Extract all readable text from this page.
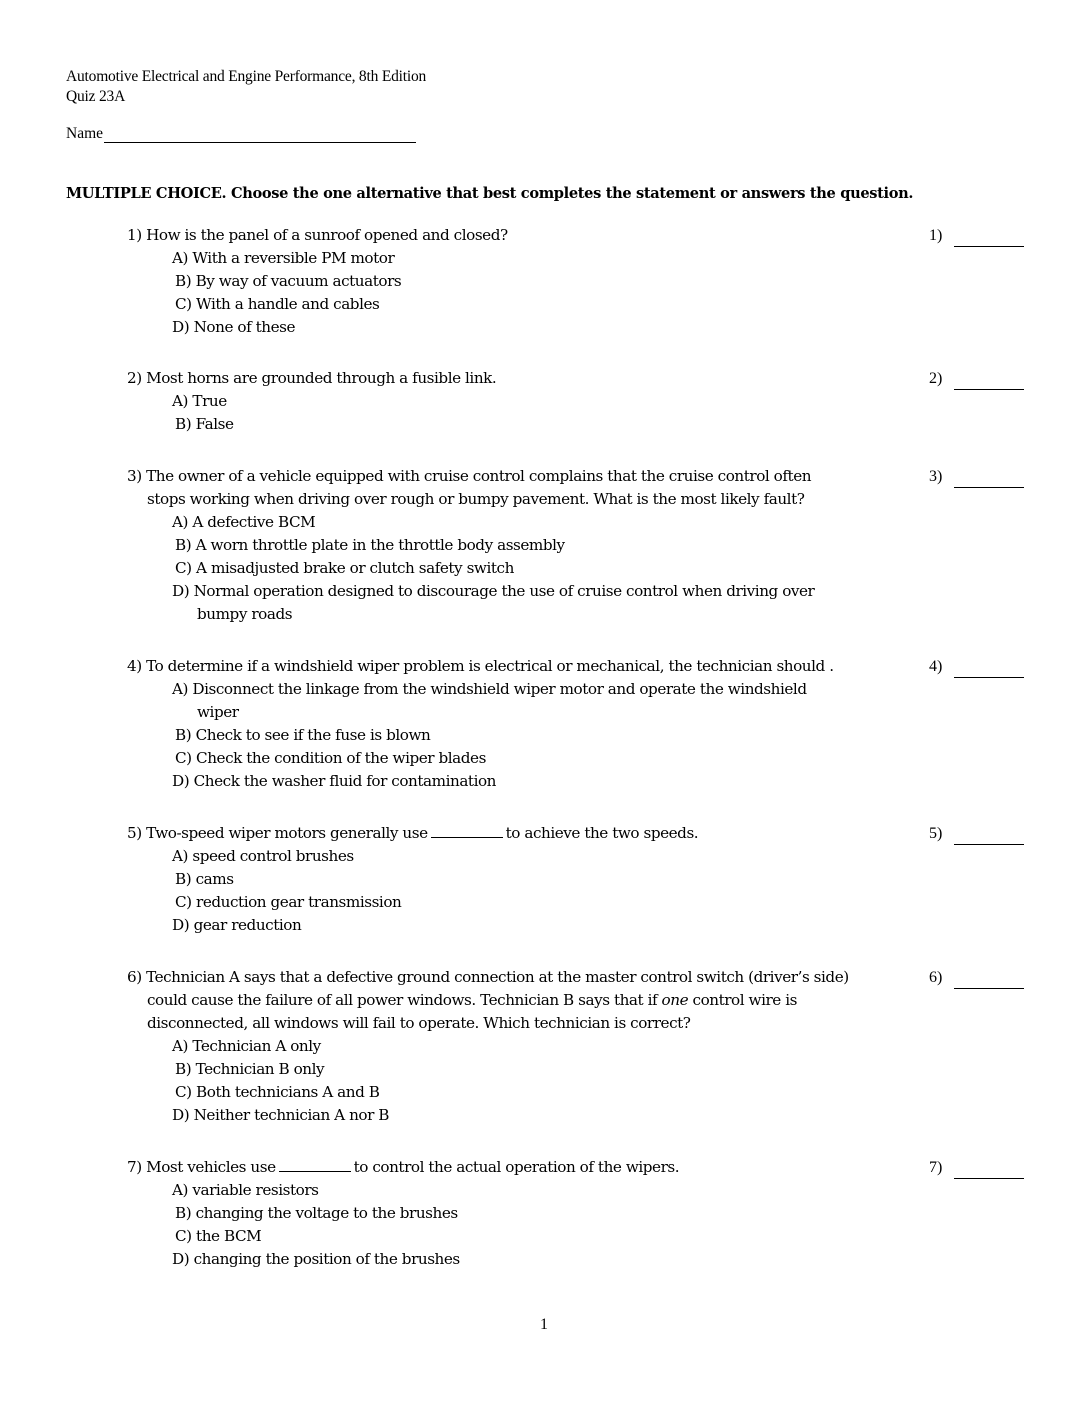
Automotive Electrical and Engine Performance, 8th Edition
Quiz 23A
Name
MULTIPLE CHOICE. Choose the one alternative that best completes the statement or answers the question.
1) How is the panel of a sunroof opened and closed?
A) With a reversible PM motor
B) By way of vacuum actuators
C) With a handle and cables
D) None of these
1)
2) Most horns are grounded through a fusible link.
A) True
B) False
2)
3) The owner of a vehicle equipped with cruise control complains that the cruise control often
stops working when driving over rough or bumpy pavement. What is the most likely fault?
A) A defective BCM
B) A worn throttle plate in the throttle body assembly
C) A misadjusted brake or clutch safety switch
D) Normal operation designed to discourage the use of cruise control when driving over
bumpy roads
3)
4) To determine if a windshield wiper problem is electrical or mechanical, the technician should .
A) Disconnect the linkage from the windshield wiper motor and operate the windshield
wiper
B) Check to see if the fuse is blown
C) Check the condition of the wiper blades
D) Check the washer fluid for contamination
4)
5) Two-speed wiper motors generally use	to achieve the two speeds.
A) speed control brushes
B) cams
C) reduction gear transmission
D) gear reduction
5)
6) Technician A says that a defective ground connection at the master control switch (driver’s side)
could cause the failure of all power windows. Technician B says that if one control wire is
disconnected, all windows will fail to operate. Which technician is correct?
A) Technician A only
B) Technician B only
C) Both technicians A and B
D) Neither technician A nor B
6)
7) Most vehicles use	to control the actual operation of the wipers.
A) variable resistors
B) changing the voltage to the brushes
C) the BCM
D) changing the position of the brushes
7)
1
